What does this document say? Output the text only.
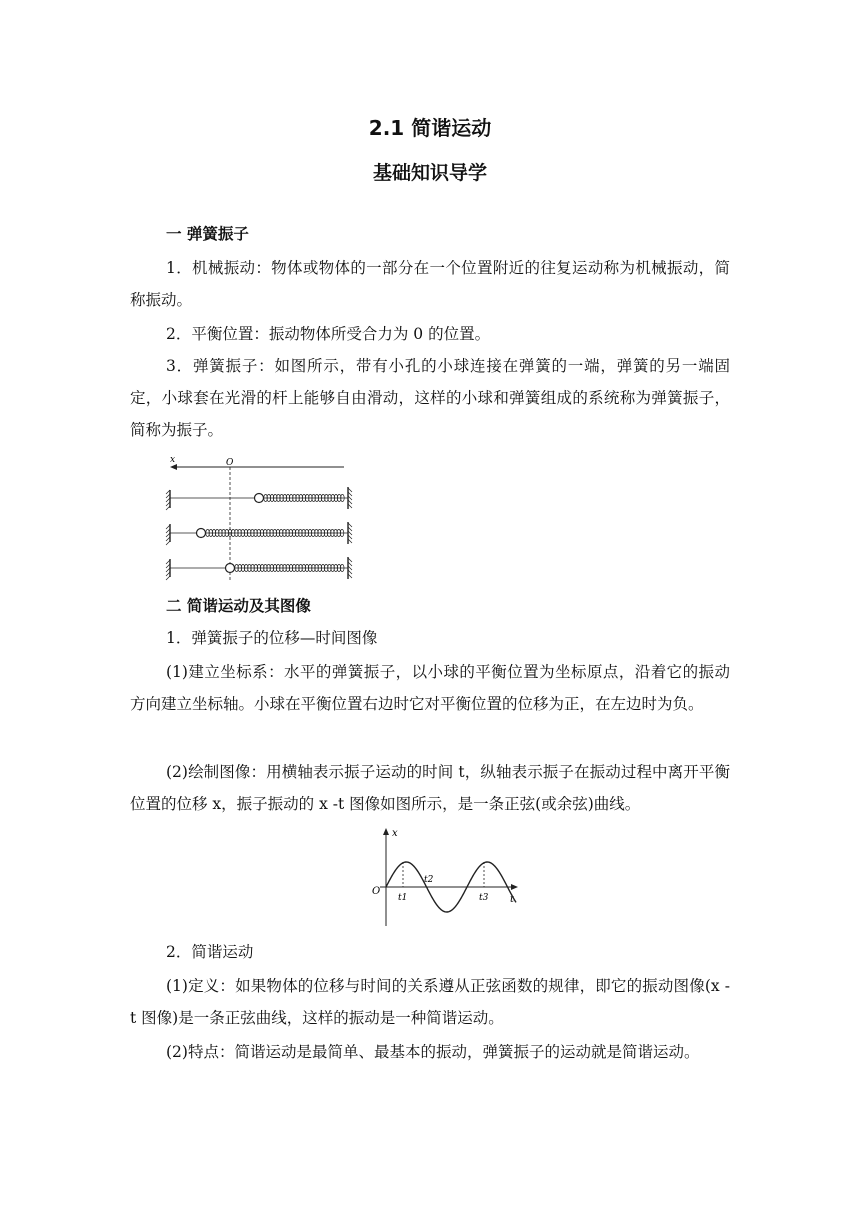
2.1 简谐运动
基础知识导学
一 弹簧振子

1．机械振动：物体或物体的一部分在一个位置附近的往复运动称为机械振动，简称振动。

2．平衡位置：振动物体所受合力为 0 的位置。

3．弹簧振子：如图所示，带有小孔的小球连接在弹簧的一端，弹簧的另一端固定，小球套在光滑的杆上能够自由滑动，这样的小球和弹簧组成的系统称为弹簧振子，简称为振子。

x	O
二 简谐运动及其图像

1．弹簧振子的位移—时间图像

(1)建立坐标系：水平的弹簧振子，以小球的平衡位置为坐标原点，沿着它的振动方向建立坐标轴。小球在平衡位置右边时它对平衡位置的位移为正，在左边时为负。

(2)绘制图像：用横轴表示振子运动的时间 t，纵轴表示振子在振动过程中离开平衡位置的位移 x，振子振动的 x -t 图像如图所示，是一条正弦(或余弦)曲线。

x
t
O
t1
t2
t3

2．简谐运动

(1)定义：如果物体的位移与时间的关系遵从正弦函数的规律，即它的振动图像(x -t 图像)是一条正弦曲线，这样的振动是一种简谐运动。

(2)特点：简谐运动是最简单、最基本的振动，弹簧振子的运动就是简谐运动。
